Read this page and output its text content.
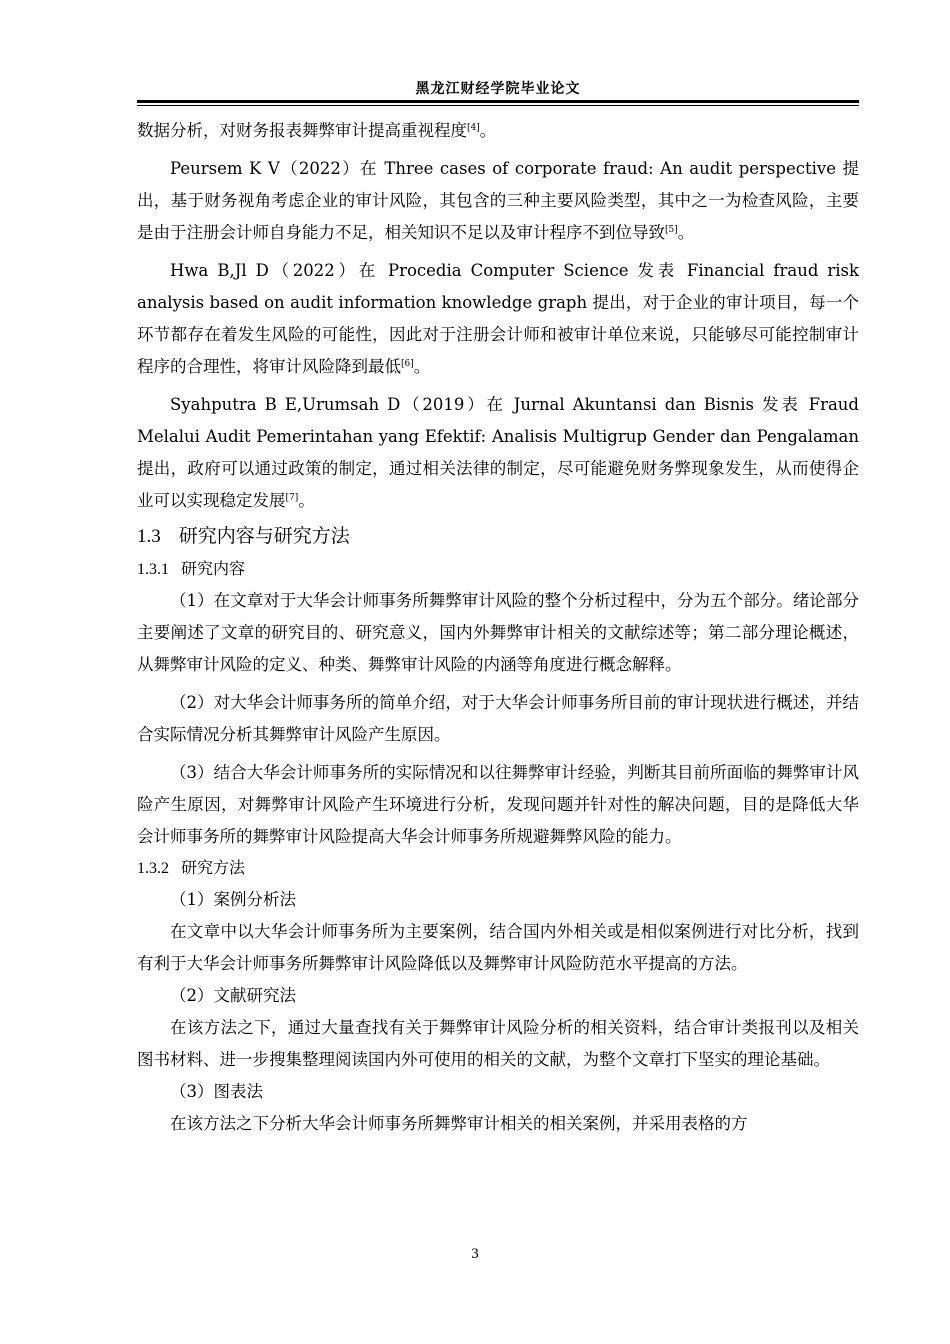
黑龙江财经学院毕业论文

数据分析，对财务报表舞弊审计提高重视程度[4]。

Peursem K V（2022）在 Three cases of corporate fraud: An audit perspective 提出，基于财务视角考虑企业的审计风险，其包含的三种主要风险类型，其中之一为检查风险，主要是由于注册会计师自身能力不足，相关知识不足以及审计程序不到位导致[5]。

Hwa B,Jl D（2022）在 Procedia Computer Science 发表 Financial fraud risk analysis based on audit information knowledge graph 提出，对于企业的审计项目，每一个环节都存在着发生风险的可能性，因此对于注册会计师和被审计单位来说，只能够尽可能控制审计程序的合理性，将审计风险降到最低[6]。

Syahputra B E,Urumsah D（2019）在 Jurnal Akuntansi dan Bisnis 发表 Fraud Melalui Audit Pemerintahan yang Efektif: Analisis Multigrup Gender dan Pengalaman 提出，政府可以通过政策的制定，通过相关法律的制定，尽可能避免财务弊现象发生，从而使得企业可以实现稳定发展[7]。

1.3 研究内容与研究方法
1.3.1 研究内容

（1）在文章对于大华会计师事务所舞弊审计风险的整个分析过程中，分为五个部分。绪论部分主要阐述了文章的研究目的、研究意义，国内外舞弊审计相关的文献综述等；第二部分理论概述，从舞弊审计风险的定义、种类、舞弊审计风险的内涵等角度进行概念解释。

（2）对大华会计师事务所的简单介绍，对于大华会计师事务所目前的审计现状进行概述，并结合实际情况分析其舞弊审计风险产生原因。

（3）结合大华会计师事务所的实际情况和以往舞弊审计经验，判断其目前所面临的舞弊审计风险产生原因，对舞弊审计风险产生环境进行分析，发现问题并针对性的解决问题，目的是降低大华会计师事务所的舞弊审计风险提高大华会计师事务所规避舞弊风险的能力。

1.3.2 研究方法

（1）案例分析法

在文章中以大华会计师事务所为主要案例，结合国内外相关或是相似案例进行对比分析，找到有利于大华会计师事务所舞弊审计风险降低以及舞弊审计风险防范水平提高的方法。

（2）文献研究法

在该方法之下，通过大量查找有关于舞弊审计风险分析的相关资料，结合审计类报刊以及相关图书材料、进一步搜集整理阅读国内外可使用的相关的文献，为整个文章打下坚实的理论基础。

（3）图表法

在该方法之下分析大华会计师事务所舞弊审计相关的相关案例，并采用表格的方

3
